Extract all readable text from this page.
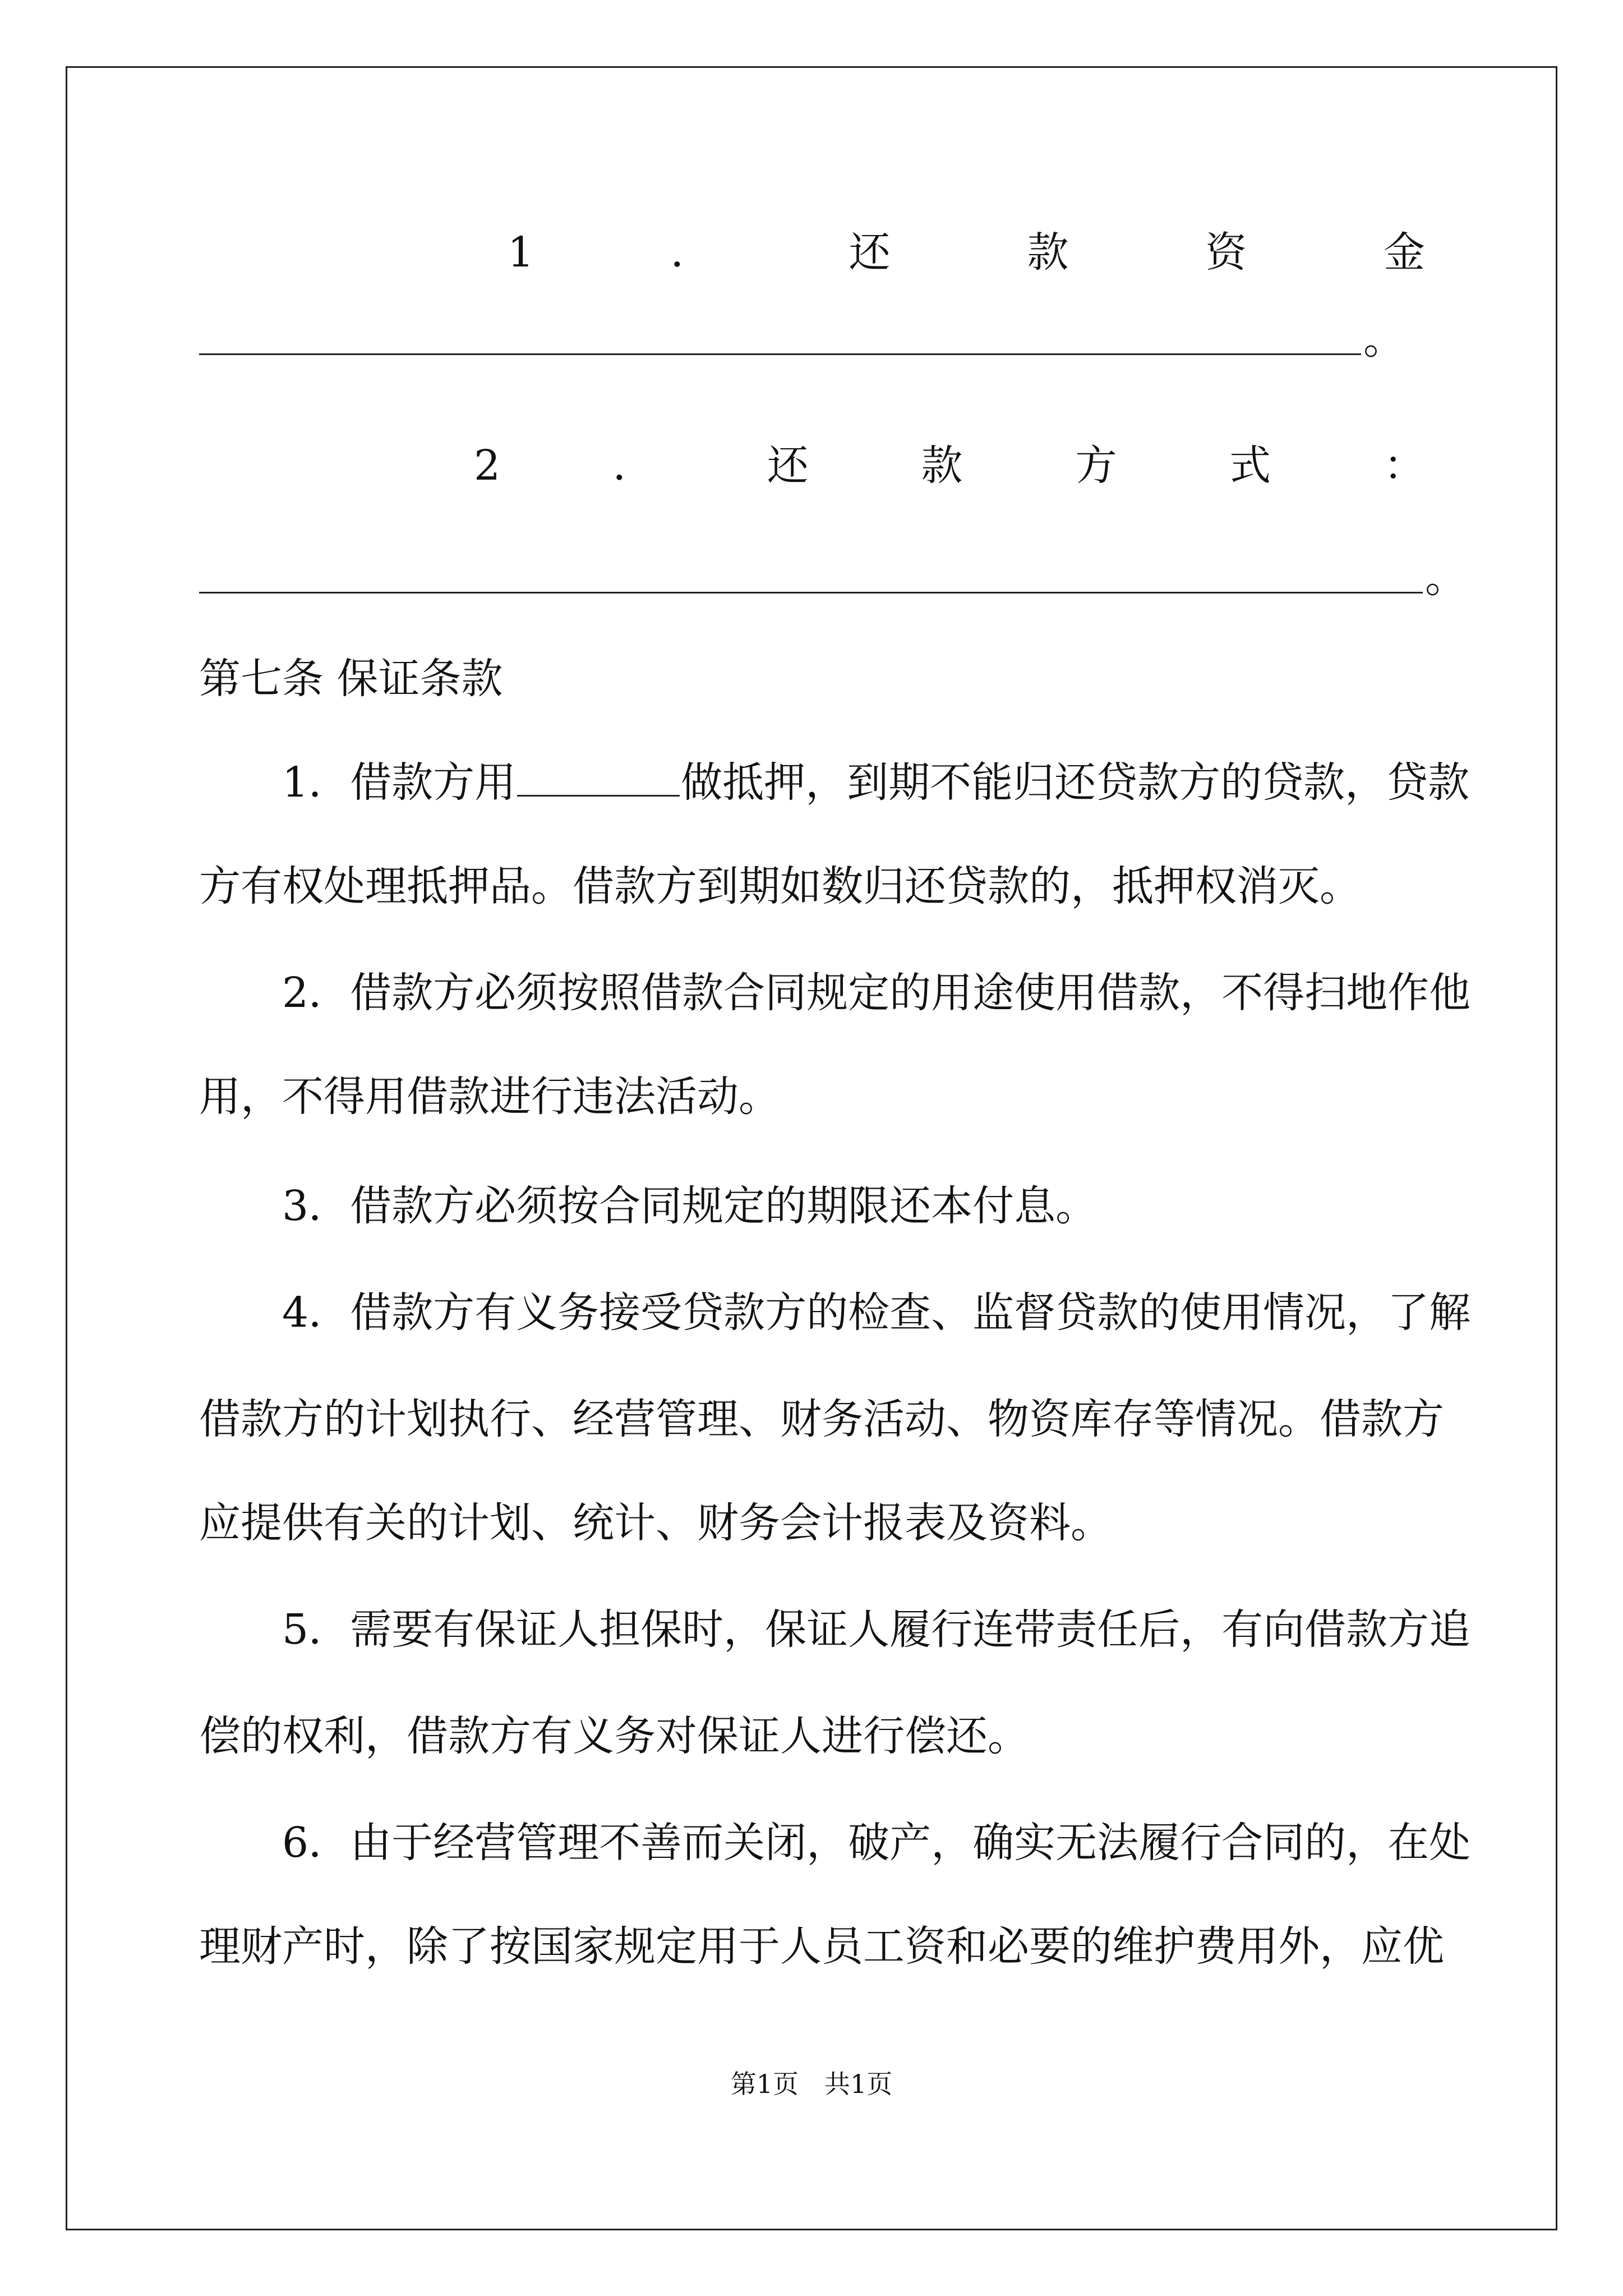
1	．	还	款	资	金
。
2	．	还	款	方	式	：
。
第七条 保证条款
1．借款方用	做抵押，到期不能归还贷款方的贷款，贷款
方有权处理抵押品。借款方到期如数归还贷款的，抵押权消灭。
2．借款方必须按照借款合同规定的用途使用借款，不得扫地作他
用，不得用借款进行违法活动。
3．借款方必须按合同规定的期限还本付息。
4．借款方有义务接受贷款方的检查、监督贷款的使用情况，了解
借款方的计划执行、经营管理、财务活动、物资库存等情况。借款方
应提供有关的计划、统计、财务会计报表及资料。
5．需要有保证人担保时，保证人履行连带责任后，有向借款方追
偿的权利，借款方有义务对保证人进行偿还。
6．由于经营管理不善而关闭，破产，确实无法履行合同的，在处
理财产时，除了按国家规定用于人员工资和必要的维护费用外，应优
第1页　共1页
